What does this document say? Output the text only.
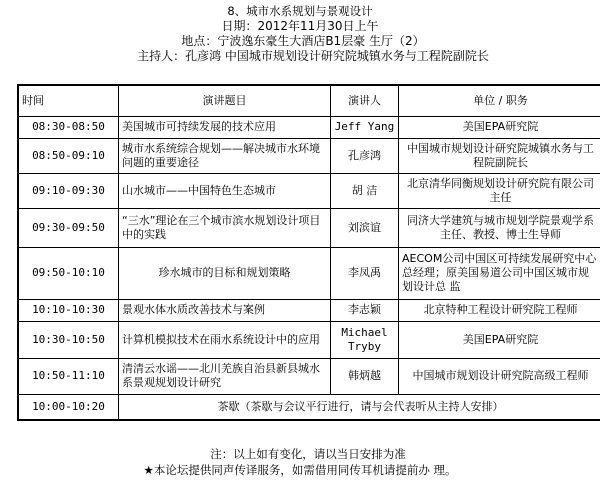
8、城市水系规划与景观设计
日期：2012年11月30日上午
地点：宁波逸东豪生大酒店B1层豪 生厅（2）
主持人：孔彦鸿 中国城市规划设计研究院城镇水务与工程院副院长
时间	演讲题目	演讲人	单位 / 职务
08:30-08:50	美国城市可持续发展的技术应用	Jeff Yang	美国EPA研究院
08:50-09:10	城市水系统综合规划——解决城市水环境问题的重要途径	孔彦鸿	中国城市规划设计研究院城镇水务与工程院副院长
09:10-09:30	山水城市——中国特色生态城市	胡 洁	北京清华同衡规划设计研究院有限公司主任
09:30-09:50	“三水”理论在三个城市滨水规划设计项目中的实践	刘滨谊	同济大学建筑与城市规划学院景观学系主任、教授、博士生导师
09:50-10:10	珍水城市的目标和规划策略	李凤禹	AECOM公司中国区可持续发展研究中心总经理；原美国易道公司中国区城市规划设计总 监
10:10-10:30	景观水体水质改善技术与案例	李志颖	北京特种工程设计研究院工程师
10:30-10:50	计算机模拟技术在雨水系统设计中的应用	Michael Tryby	美国EPA研究院
10:50-11:10	清清云水谣——北川羌族自治县新县城水系景观规划设计研究	韩炳越	中国城市规划设计研究院高级工程师
10:00-10:20	茶歇（茶歇与会议平行进行，请与会代表听从主持人安排）		
注：以上如有变化，请以当日安排为准
★本论坛提供同声传译服务，如需借用同传耳机请提前办 理。
